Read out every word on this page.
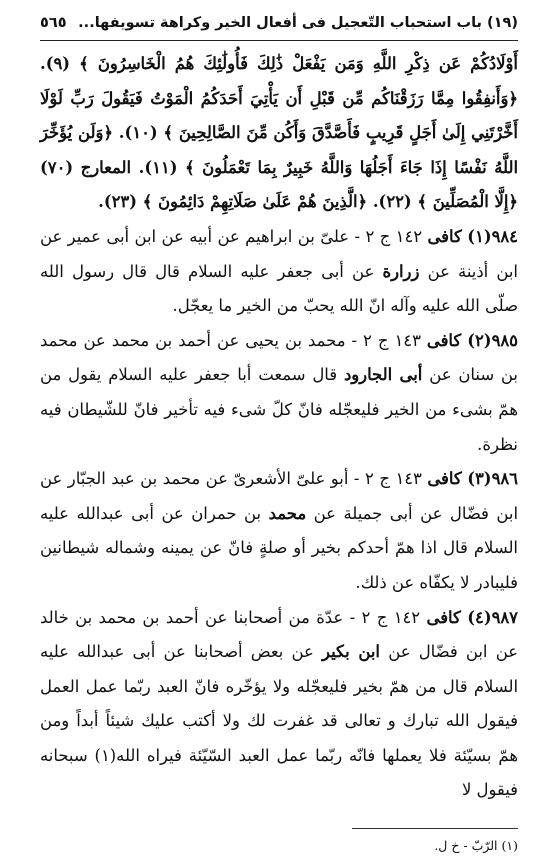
(١٩) باب استحباب التّعجيل فى أفعال الخير وكراهة تسويفها...
٥٦٥

أَوْلَادُكُمْ عَن ذِكْرِ اللَّهِ وَمَن يَفْعَلْ ذَٰلِكَ فَأُولَٰئِكَ هُمُ الْخَاسِرُونَ ﴾ (٩). ﴿وَأَنفِقُوا مِمَّا رَزَقْنَاكُم مِّن قَبْلِ أَن يَأْتِيَ أَحَدَكُمُ الْمَوْتُ فَيَقُولَ رَبِّ لَوْلَا أَخَّرْتَنِي إِلَىٰ أَجَلٍ قَرِيبٍ فَأَصَّدَّقَ وَأَكُن مِّنَ الصَّالِحِينَ ﴾ (١٠). ﴿وَلَن يُؤَخِّرَ اللَّهُ نَفْسًا إِذَا جَاءَ أَجَلُهَا وَاللَّهُ خَبِيرٌ بِمَا تَعْمَلُونَ ﴾ (١١). المعارج (٧٠) ﴿إِلَّا الْمُصَلِّينَ ﴾ (٢٢). ﴿الَّذِينَ هُمْ عَلَىٰ صَلَاتِهِمْ دَائِمُونَ ﴾ (٢٣).

٩٨٤(١) كافى ١٤٢ ج ٢ - علىّ بن ابراهيم عن أبيه عن ابن أبى عمير عن ابن أذينة عن زرارة عن أبى جعفر عليه السلام قال قال رسول الله صلّى الله عليه وآله انّ الله يحبّ من الخير ما يعجّل.

٩٨٥(٢) كافى ١٤٣ ج ٢ - محمد بن يحيى عن أحمد بن محمد عن محمد بن سنان عن أبى الجارود قال سمعت أبا جعفر عليه السلام يقول من همّ بشىء من الخير فليعجّله فانّ كلّ شىء فيه تأخير فانّ للشّيطان فيه نظرة.

٩٨٦(٣) كافى ١٤٣ ج ٢ - أبو علىّ الأشعرىّ عن محمد بن عبد الجبّار عن ابن فضّال عن أبى جميلة عن محمد بن حمران عن أبى عبدالله عليه السلام قال اذا همّ أحدكم بخير أو صلةٍ فانّ عن يمينه وشماله شيطانين فليبادر لا يكفّاه عن ذلك.

٩٨٧(٤) كافى ١٤٢ ج ٢ - عدّة من أصحابنا عن أحمد بن محمد بن خالد عن ابن فضّال عن ابن بكير عن بعض أصحابنا عن أبى عبدالله عليه السلام قال من همّ بخير فليعجّله ولا يؤخّره فانّ العبد ربّما عمل العمل فيقول الله تبارك و تعالى قد غفرت لك ولا أكتب عليك شيئاً أبداً ومن همّ بسيّئة فلا يعملها فانّه ربّما عمل العبد السّيّئة فيراه الله(١) سبحانه فيقول لا

(١) الرّبّ - خ ل.
